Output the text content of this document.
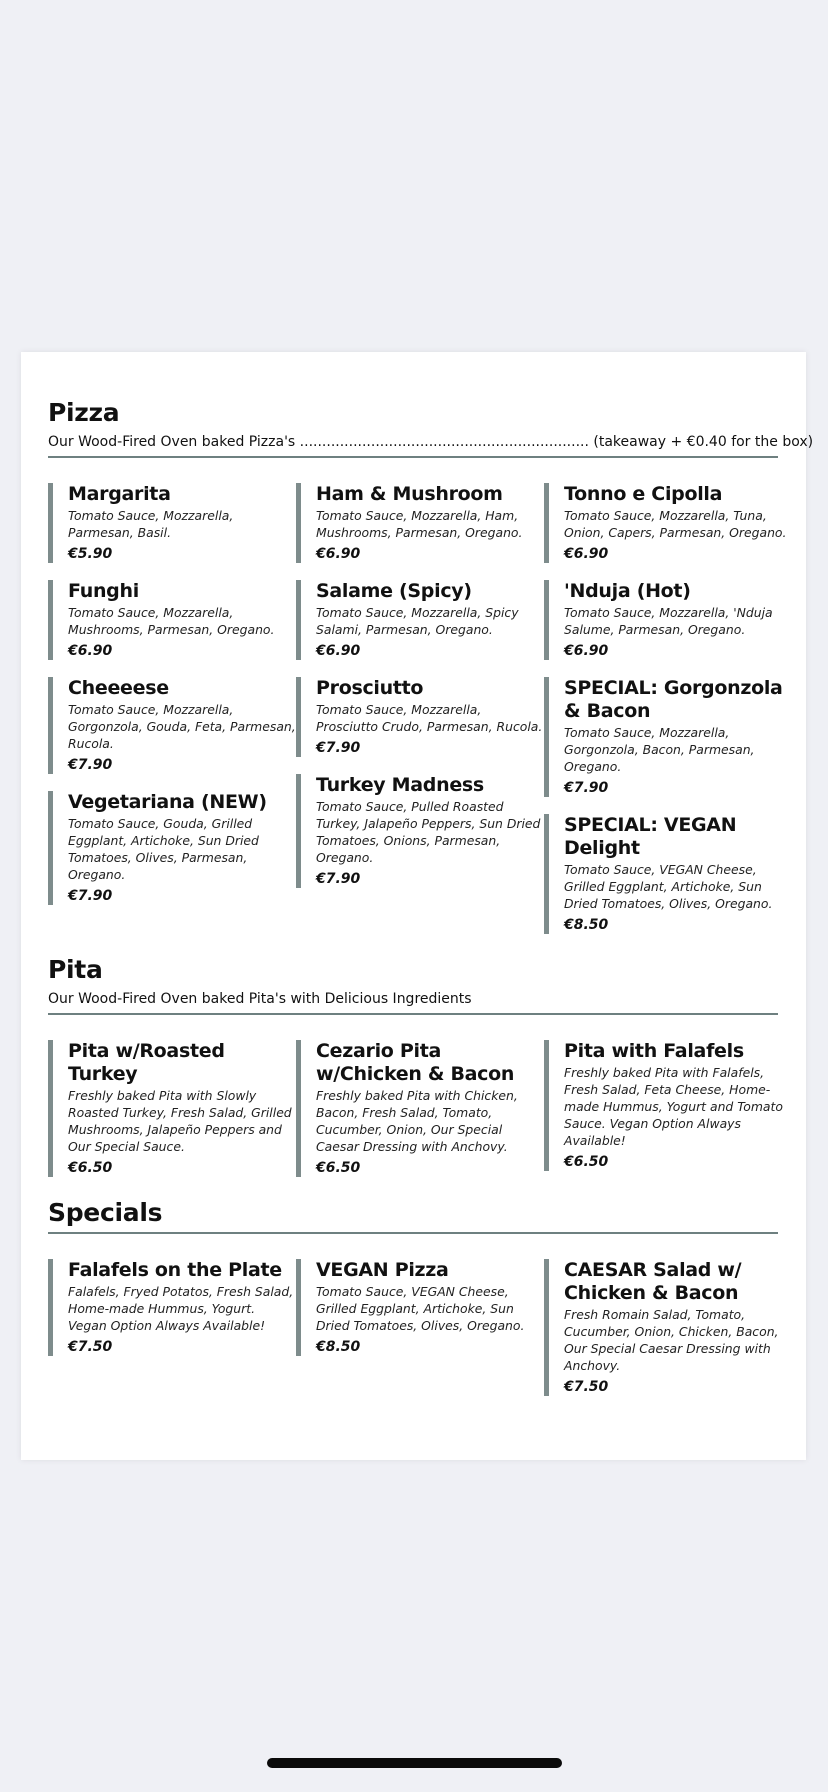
Pizza

Our Wood-Fired Oven baked Pizza's ................................................................. (takeaway + €0.40 for the box)

Margarita

Tomato Sauce, Mozzarella, Parmesan, Basil.

€5.90
Funghi

Tomato Sauce, Mozzarella, Mushrooms, Parmesan, Oregano.

€6.90
Cheeeese

Tomato Sauce, Mozzarella, Gorgonzola, Gouda, Feta, Parmesan, Rucola.

€7.90
Vegetariana (NEW)

Tomato Sauce, Gouda, Grilled Eggplant, Artichoke, Sun Dried Tomatoes, Olives, Parmesan, Oregano.

€7.90
Ham & Mushroom

Tomato Sauce, Mozzarella, Ham, Mushrooms, Parmesan, Oregano.

€6.90
Salame (Spicy)

Tomato Sauce, Mozzarella, Spicy Salami, Parmesan, Oregano.

€6.90
Prosciutto

Tomato Sauce, Mozzarella, Prosciutto Crudo, Parmesan, Rucola.

€7.90
Turkey Madness

Tomato Sauce, Pulled Roasted Turkey, Jalapeño Peppers, Sun Dried Tomatoes, Onions, Parmesan, Oregano.

€7.90
Tonno e Cipolla

Tomato Sauce, Mozzarella, Tuna, Onion, Capers, Parmesan, Oregano.

€6.90
'Nduja (Hot)

Tomato Sauce, Mozzarella, 'Nduja Salume, Parmesan, Oregano.

€6.90
SPECIAL: Gorgonzola & Bacon

Tomato Sauce, Mozzarella, Gorgonzola, Bacon, Parmesan, Oregano.

€7.90
SPECIAL: VEGAN Delight

Tomato Sauce, VEGAN Cheese, Grilled Eggplant, Artichoke, Sun Dried Tomatoes, Olives, Oregano.

€8.50
Pita

Our Wood-Fired Oven baked Pita's with Delicious Ingredients

Pita w/Roasted Turkey

Freshly baked Pita with Slowly Roasted Turkey, Fresh Salad, Grilled Mushrooms, Jalapeño Peppers and Our Special Sauce.

€6.50
Cezario Pita w/Chicken & Bacon

Freshly baked Pita with Chicken, Bacon, Fresh Salad, Tomato, Cucumber, Onion, Our Special Caesar Dressing with Anchovy.

€6.50
Pita with Falafels

Freshly baked Pita with Falafels, Fresh Salad, Feta Cheese, Home-made Hummus, Yogurt and Tomato Sauce. Vegan Option Always Available!

€6.50
Specials
Falafels on the Plate

Falafels, Fryed Potatos, Fresh Salad, Home-made Hummus, Yogurt. Vegan Option Always Available!

€7.50
VEGAN Pizza

Tomato Sauce, VEGAN Cheese, Grilled Eggplant, Artichoke, Sun Dried Tomatoes, Olives, Oregano.

€8.50
CAESAR Salad w/ Chicken & Bacon

Fresh Romain Salad, Tomato, Cucumber, Onion, Chicken, Bacon, Our Special Caesar Dressing with Anchovy.

€7.50
